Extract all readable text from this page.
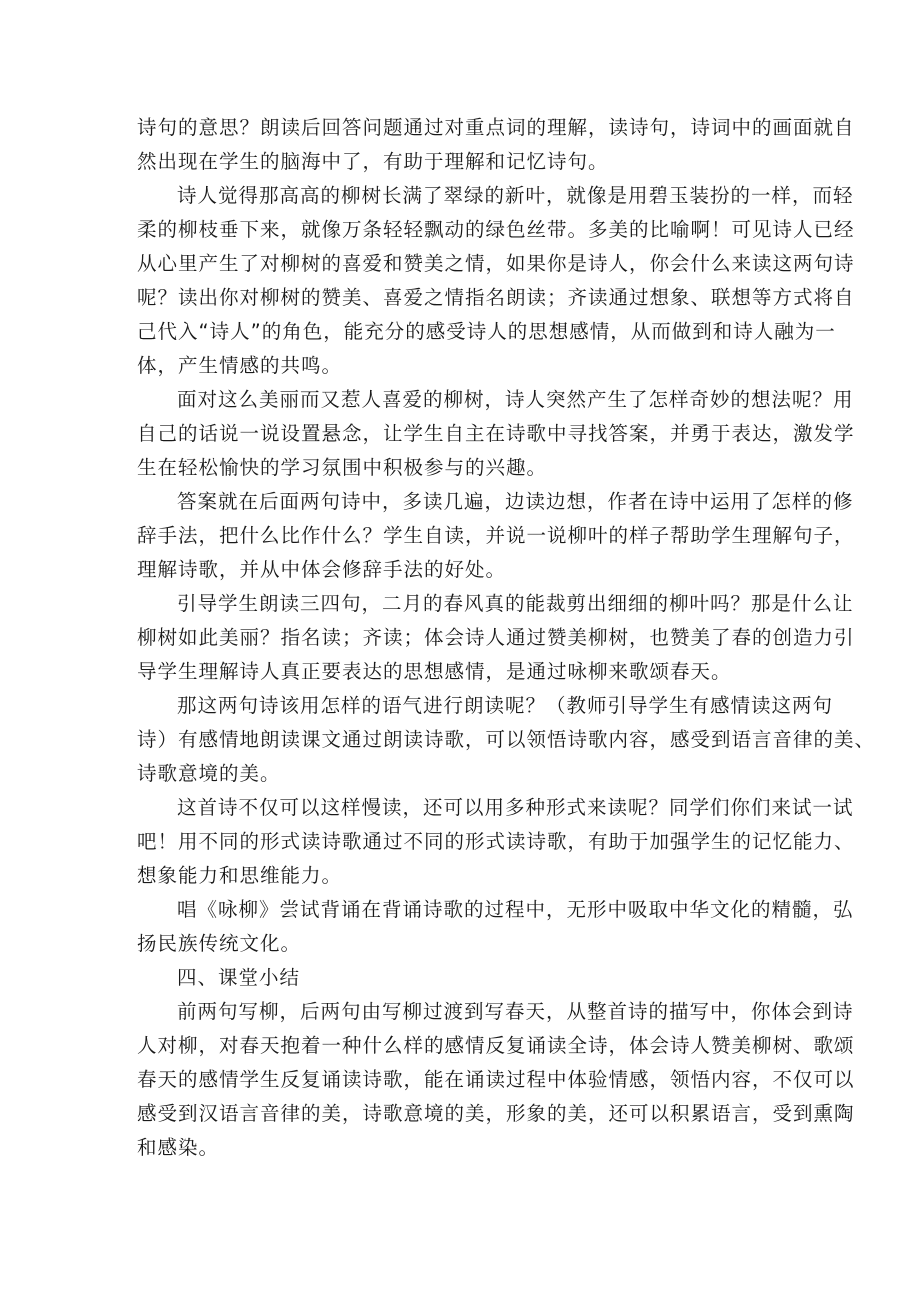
诗句的意思？朗读后回答问题通过对重点词的理解，读诗句，诗词中的画面就自
然出现在学生的脑海中了，有助于理解和记忆诗句。
诗人觉得那高高的柳树长满了翠绿的新叶，就像是用碧玉装扮的一样，而轻
柔的柳枝垂下来，就像万条轻轻飘动的绿色丝带。多美的比喻啊！可见诗人已经
从心里产生了对柳树的喜爱和赞美之情，如果你是诗人，你会什么来读这两句诗
呢？读出你对柳树的赞美、喜爱之情指名朗读；齐读通过想象、联想等方式将自
己代入“诗人”的角色，能充分的感受诗人的思想感情，从而做到和诗人融为一
体，产生情感的共鸣。
面对这么美丽而又惹人喜爱的柳树，诗人突然产生了怎样奇妙的想法呢？用
自己的话说一说设置悬念，让学生自主在诗歌中寻找答案，并勇于表达，激发学
生在轻松愉快的学习氛围中积极参与的兴趣。
答案就在后面两句诗中，多读几遍，边读边想，作者在诗中运用了怎样的修
辞手法，把什么比作什么？学生自读，并说一说柳叶的样子帮助学生理解句子，
理解诗歌，并从中体会修辞手法的好处。
引导学生朗读三四句，二月的春风真的能裁剪出细细的柳叶吗？那是什么让
柳树如此美丽？指名读；齐读；体会诗人通过赞美柳树，也赞美了春的创造力引
导学生理解诗人真正要表达的思想感情，是通过咏柳来歌颂春天。
那这两句诗该用怎样的语气进行朗读呢？（教师引导学生有感情读这两句
诗）有感情地朗读课文通过朗读诗歌，可以领悟诗歌内容，感受到语言音律的美、
诗歌意境的美。
这首诗不仅可以这样慢读，还可以用多种形式来读呢？同学们你们来试一试
吧！用不同的形式读诗歌通过不同的形式读诗歌，有助于加强学生的记忆能力、
想象能力和思维能力。
唱《咏柳》尝试背诵在背诵诗歌的过程中，无形中吸取中华文化的精髓，弘
扬民族传统文化。
四、课堂小结
前两句写柳，后两句由写柳过渡到写春天，从整首诗的描写中，你体会到诗
人对柳，对春天抱着一种什么样的感情反复诵读全诗，体会诗人赞美柳树、歌颂
春天的感情学生反复诵读诗歌，能在诵读过程中体验情感，领悟内容，不仅可以
感受到汉语言音律的美，诗歌意境的美，形象的美，还可以积累语言，受到熏陶
和感染。
